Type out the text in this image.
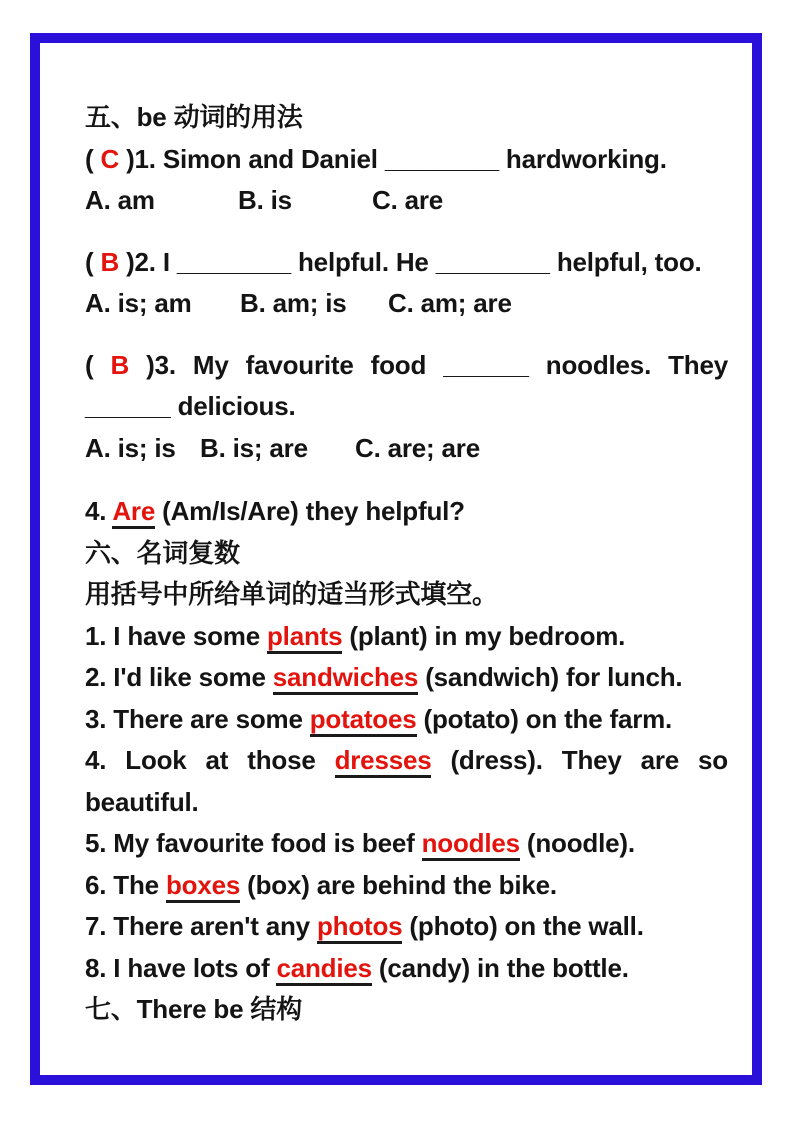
五、be 动词的用法
( C )1. Simon and Daniel ________ hardworking.
A. am	B. is	C. are
( B )2. I ________ helpful. He ________ helpful, too.
A. is; am B. am; is C. am; are
( B )3. My favourite food ______ noodles. They
______ delicious.
A. is; is B. is; are C. are; are
4. Are (Am/Is/Are) they helpful?
六、名词复数
用括号中所给单词的适当形式填空。
1. I have some plants (plant) in my bedroom.
2. I'd like some sandwiches (sandwich) for lunch.
3. There are some potatoes (potato) on the farm.
4. Look at those dresses (dress). They are so
beautiful.
5. My favourite food is beef noodles (noodle).
6. The boxes (box) are behind the bike.
7. There aren't any photos (photo) on the wall.
8. I have lots of candies (candy) in the bottle.
七、There be 结构
